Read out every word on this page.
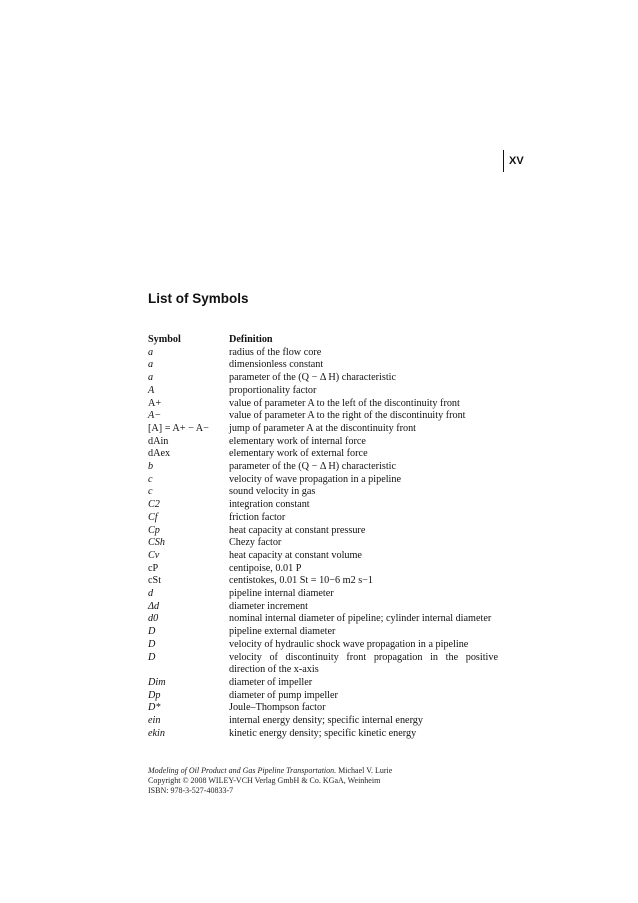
XV
List of Symbols
Symbol	Definition
a	radius of the flow core
a	dimensionless constant
a	parameter of the (Q − Δ H) characteristic
A	proportionality factor
A+	value of parameter A to the left of the discontinuity front
A−	value of parameter A to the right of the discontinuity front
[A] = A+ − A−	jump of parameter A at the discontinuity front
dAin	elementary work of internal force
dAex	elementary work of external force
b	parameter of the (Q − Δ H) characteristic
c	velocity of wave propagation in a pipeline
c	sound velocity in gas
C2	integration constant
Cf	friction factor
Cp	heat capacity at constant pressure
CSh	Chezy factor
Cv	heat capacity at constant volume
cP	centipoise, 0.01 P
cSt	centistokes, 0.01 St = 10−6 m2 s−1
d	pipeline internal diameter
Δd	diameter increment
d0	nominal internal diameter of pipeline; cylinder internal diameter
D	pipeline external diameter
D	velocity of hydraulic shock wave propagation in a pipeline
D	velocity of discontinuity front propagation in the positive direction of the x-axis
Dim	diameter of impeller
Dp	diameter of pump impeller
D*	Joule–Thompson factor
ein	internal energy density; specific internal energy
ekin	kinetic energy density; specific kinetic energy
Modeling of Oil Product and Gas Pipeline Transportation. Michael V. Lurie
Copyright © 2008 WILEY-VCH Verlag GmbH & Co. KGaA, Weinheim
ISBN: 978-3-527-40833-7
